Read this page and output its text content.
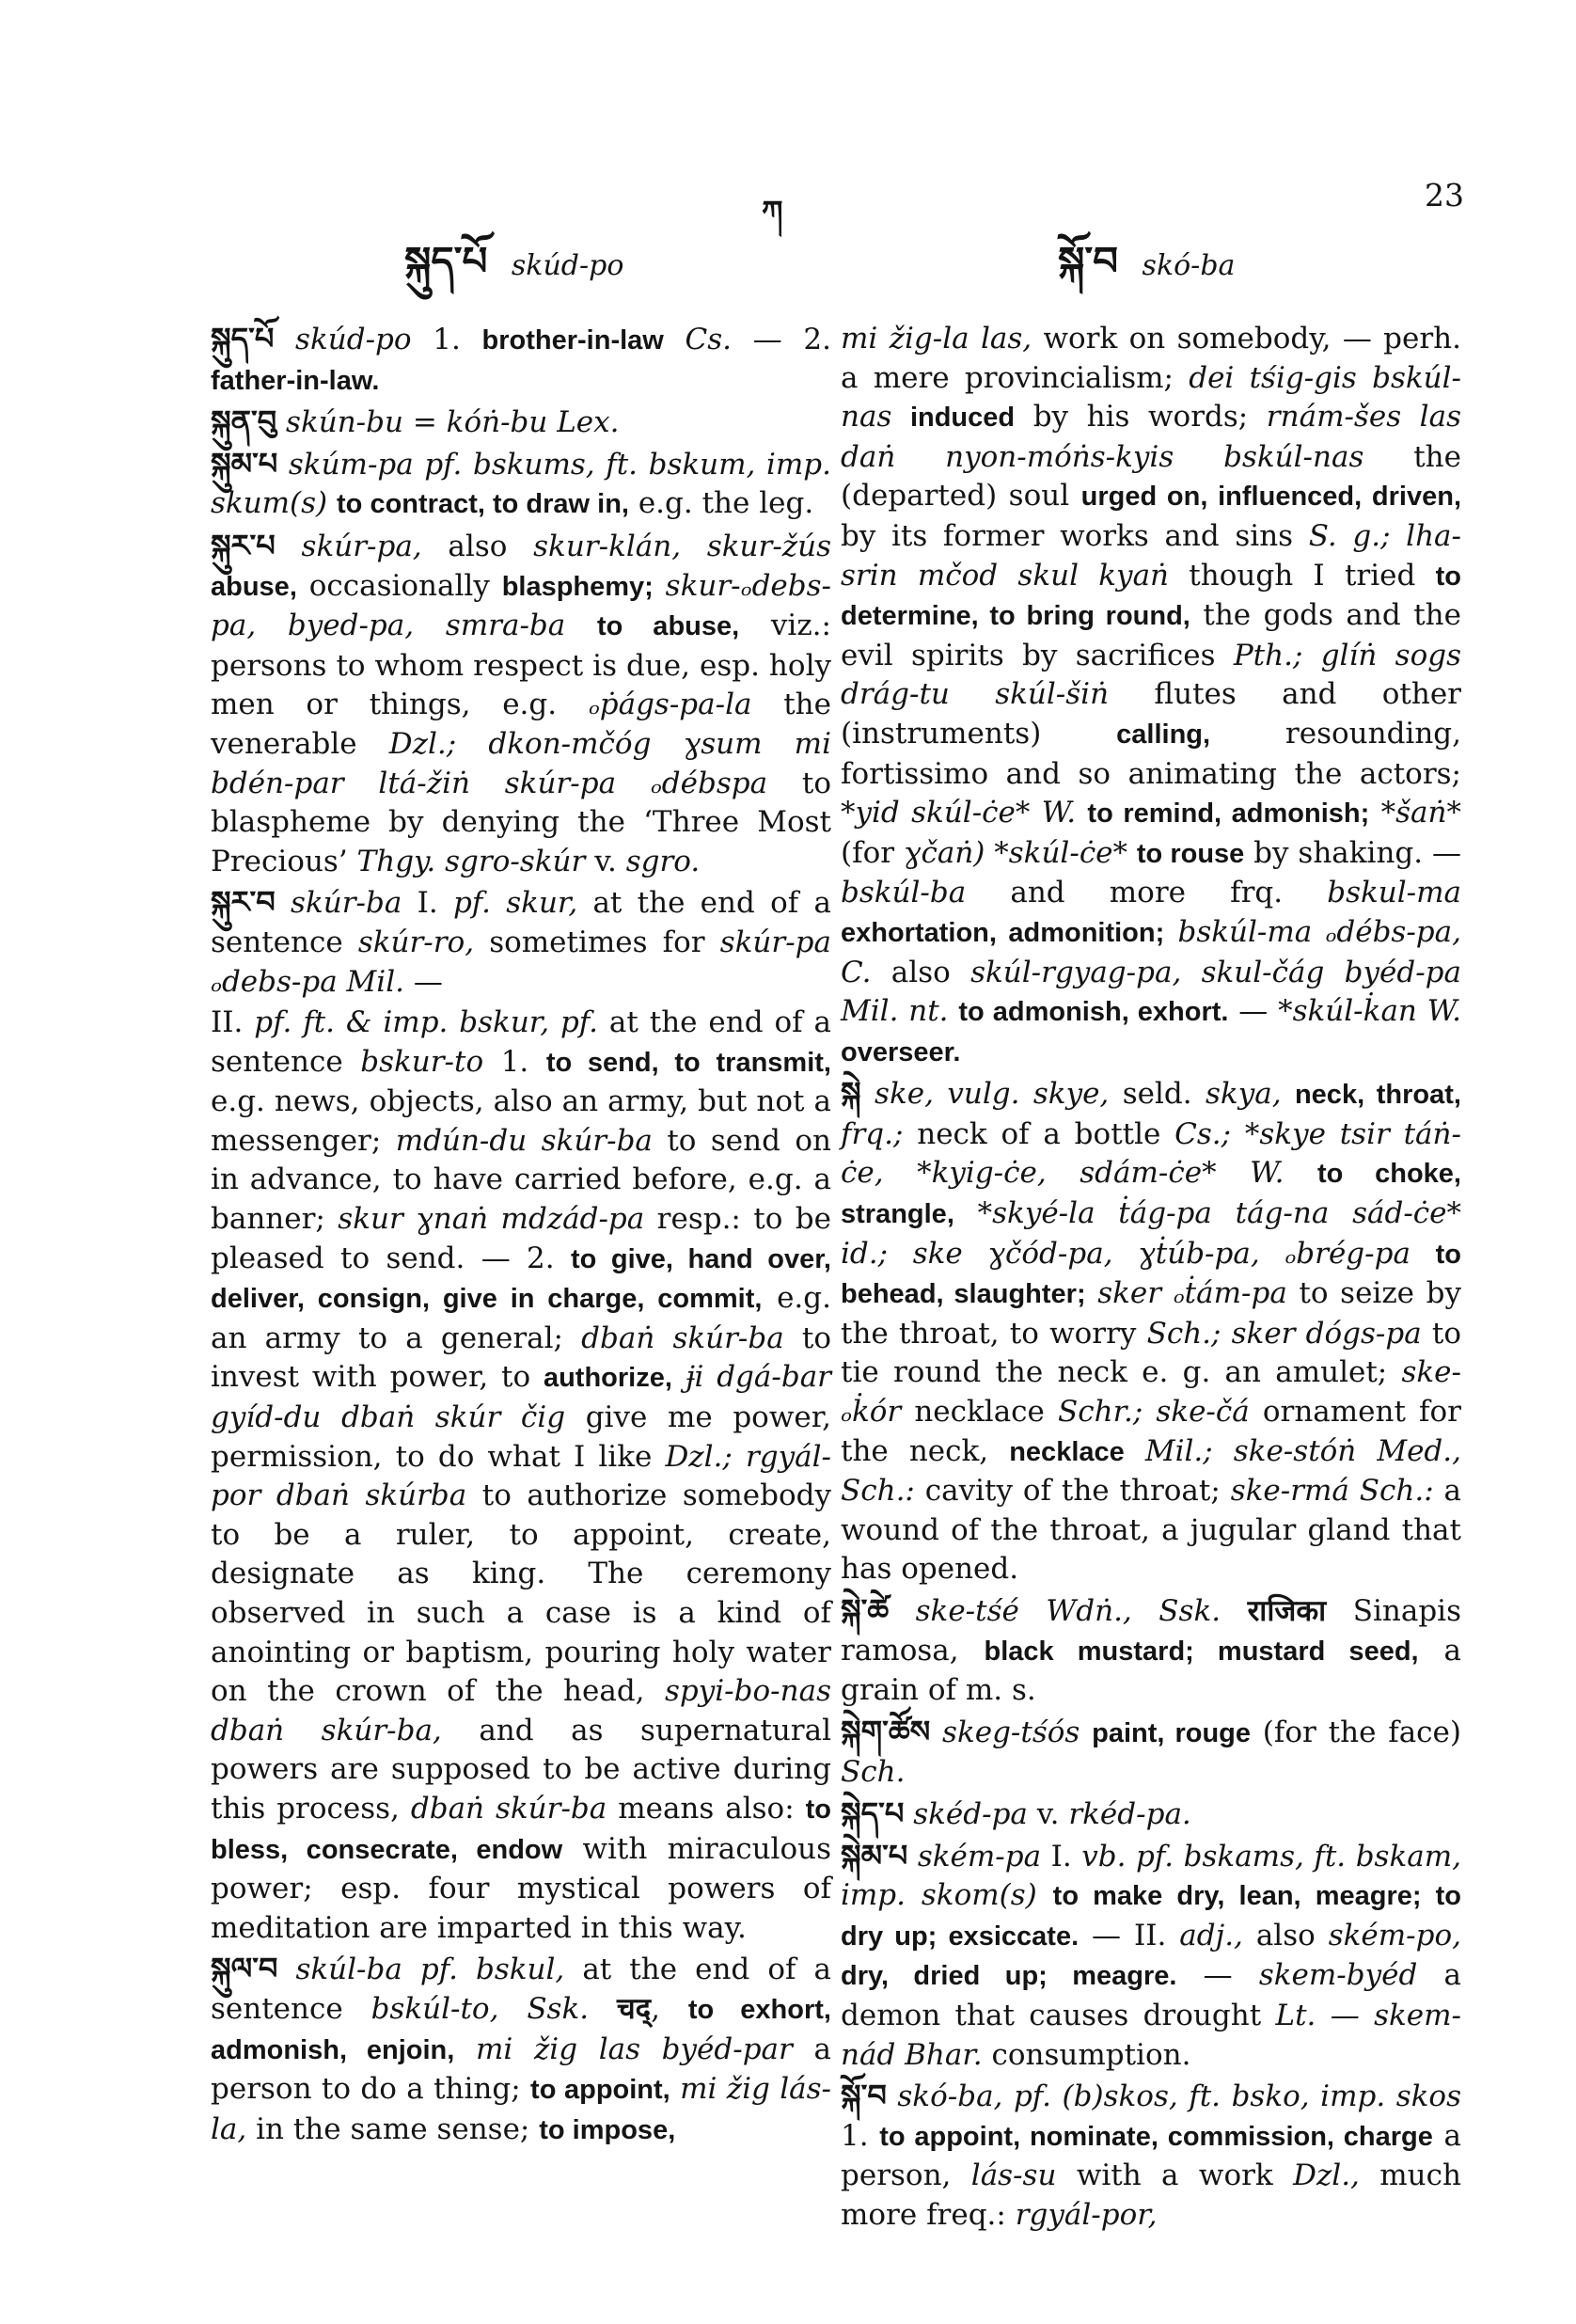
23
ཀ
སྐུད་པོ skúd-po	སྐོ་བ skó-ba

སྐུད་པོ skúd-po 1. brother-in-law Cs. — 2. father-in-law.

སྐུན་བུ skún-bu = kóṅ-bu Lex.

སྐུམ་པ skúm-pa pf. bskums, ft. bskum, imp. skum(s) to contract, to draw in, e.g. the leg.

སྐུར་པ skúr-pa, also skur-klán, skur-žús abuse, occasionally blasphemy; skur-ₒdebs-pa, byed-pa, smra-ba to abuse, viz.: persons to whom respect is due, esp. holy men or things, e.g. ₒṗágs-pa-la the venerable Dzl.; dkon-mčóg ɣsum mi bdén-par ltá-žiṅ skúr-pa ₒdébspa to blaspheme by denying the ‘Three Most Precious’ Thgy. sgro-skúr v. sgro.

སྐུར་བ skúr-ba I. pf. skur, at the end of a sentence skúr-ro, sometimes for skúr-pa ₒdebs-pa Mil. —

II. pf. ft. & imp. bskur, pf. at the end of a sentence bskur-to 1. to send, to transmit, e.g. news, objects, also an army, but not a messenger; mdún-du skúr-ba to send on in advance, to have carried before, e.g. a banner; skur ɣnaṅ mdzád-pa resp.: to be pleased to send. — 2. to give, hand over, deliver, consign, give in charge, commit, e.g. an army to a general; dbaṅ skúr-ba to invest with power, to authorize, ɉi dgá-bar gyíd-du dbaṅ skúr čig give me power, permission, to do what I like Dzl.; rgyál-por dbaṅ skúrba to authorize somebody to be a ruler, to appoint, create, designate as king. The ceremony observed in such a case is a kind of anointing or baptism, pouring holy water on the crown of the head, spyi-bo-nas dbaṅ skúr-ba, and as supernatural powers are supposed to be active during this process, dbaṅ skúr-ba means also: to bless, consecrate, endow with miraculous power; esp. four mystical powers of meditation are imparted in this way.

སྐུལ་བ skúl-ba pf. bskul, at the end of a sentence bskúl-to, Ssk. चद्, to exhort, admonish, enjoin, mi žig las byéd-par a person to do a thing; to appoint, mi žig lás-la, in the same sense; to impose,

mi žig-la las, work on somebody, — perh. a mere provincialism; dei tśig-gis bskúl-nas induced by his words; rnám-šes las daṅ nyon-móṅs-kyis bskúl-nas the (departed) soul urged on, influenced, driven, by its former works and sins S. g.; lha-srin mčod skul kyaṅ though I tried to determine, to bring round, the gods and the evil spirits by sacrifices Pth.; glíṅ sogs drág-tu skúl-šiṅ flutes and other (instruments) calling, resounding, fortissimo and so animating the actors; *yid skúl-ċe* W. to remind, admonish; *šaṅ* (for ɣčaṅ) *skúl-ċe* to rouse by shaking. — bskúl-ba and more frq. bskul-ma exhortation, admonition; bskúl-ma ₒdébs-pa, C. also skúl-rgyag-pa, skul-čág byéd-pa Mil. nt. to admonish, exhort. — *skúl-k̇an W. overseer.

སྐེ ske, vulg. skye, seld. skya, neck, throat, frq.; neck of a bottle Cs.; *skye tsir táṅ-ċe, *kyig-ċe, sdám-ċe* W. to choke, strangle, *skyé-la ṫág-pa tág-na sád-ċe* id.; ske ɣčód-pa, ɣṫúb-pa, ₒbrég-pa to behead, slaughter; sker ₒṫám-pa to seize by the throat, to worry Sch.; sker dógs-pa to tie round the neck e. g. an amulet; ske-ₒk̇ór necklace Schr.; ske-čá ornament for the neck, necklace Mil.; ske-stóṅ Med., Sch.: cavity of the throat; ske-rmá Sch.: a wound of the throat, a jugular gland that has opened.

སྐེ་ཚེ ske-tśé Wdṅ., Ssk. राजिका Sinapis ramosa, black mustard; mustard seed, a grain of m. s.

སྐེག་ཚོས skeg-tśós paint, rouge (for the face) Sch.

སྐེད་པ skéd-pa v. rkéd-pa.

སྐེམ་པ ském-pa I. vb. pf. bskams, ft. bskam, imp. skom(s) to make dry, lean, meagre; to dry up; exsiccate. — II. adj., also ském-po, dry, dried up; meagre. — skem-byéd a demon that causes drought Lt. — skem-nád Bhar. consumption.

སྐོ་བ skó-ba, pf. (b)skos, ft. bsko, imp. skos 1. to appoint, nominate, commission, charge a person, lás-su with a work Dzl., much more freq.: rgyál-por,
